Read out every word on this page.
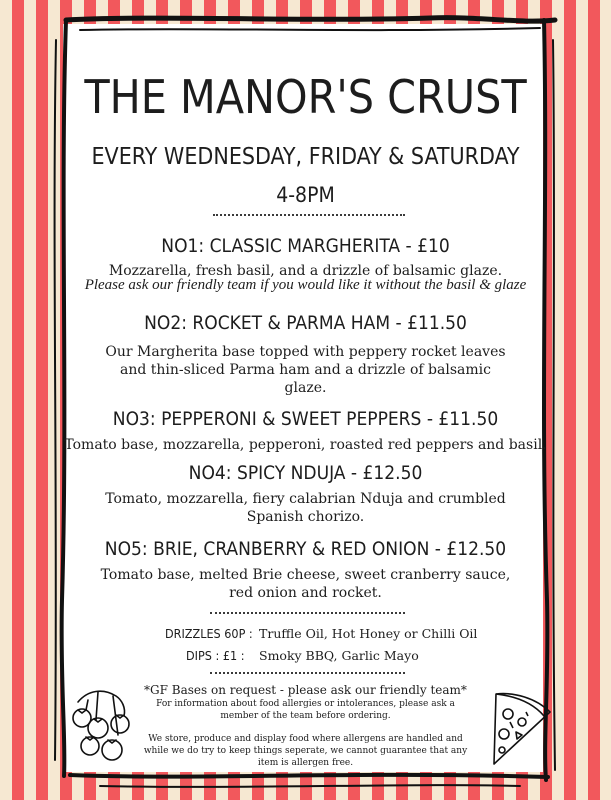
THE MANOR'S CRUST
EVERY WEDNESDAY, FRIDAY & SATURDAY
4-8PM
NO1: CLASSIC MARGHERITA - £10
Mozzarella, fresh basil, and a drizzle of balsamic glaze.
Please ask our friendly team if you would like it without the basil & glaze
NO2: ROCKET & PARMA HAM - £11.50
Our Margherita base topped with peppery rocket leaves
and thin-sliced Parma ham and a drizzle of balsamic
glaze.
NO3: PEPPERONI & SWEET PEPPERS - £11.50
Tomato base, mozzarella, pepperoni, roasted red peppers and basil.
NO4: SPICY NDUJA - £12.50
Tomato, mozzarella, fiery calabrian Nduja and crumbled
Spanish chorizo.
NO5: BRIE, CRANBERRY & RED ONION - £12.50
Tomato base, melted Brie cheese, sweet cranberry sauce,
red onion and rocket.
DRIZZLES 60P : Truffle Oil, Hot Honey or Chilli Oil
DIPS : £1 : Smoky BBQ, Garlic Mayo
*GF Bases on request - please ask our friendly team*
For information about food allergies or intolerances, please ask a
member of the team before ordering.
We store, produce and display food where allergens are handled and
while we do try to keep things seperate, we cannot guarantee that any
item is allergen free.
